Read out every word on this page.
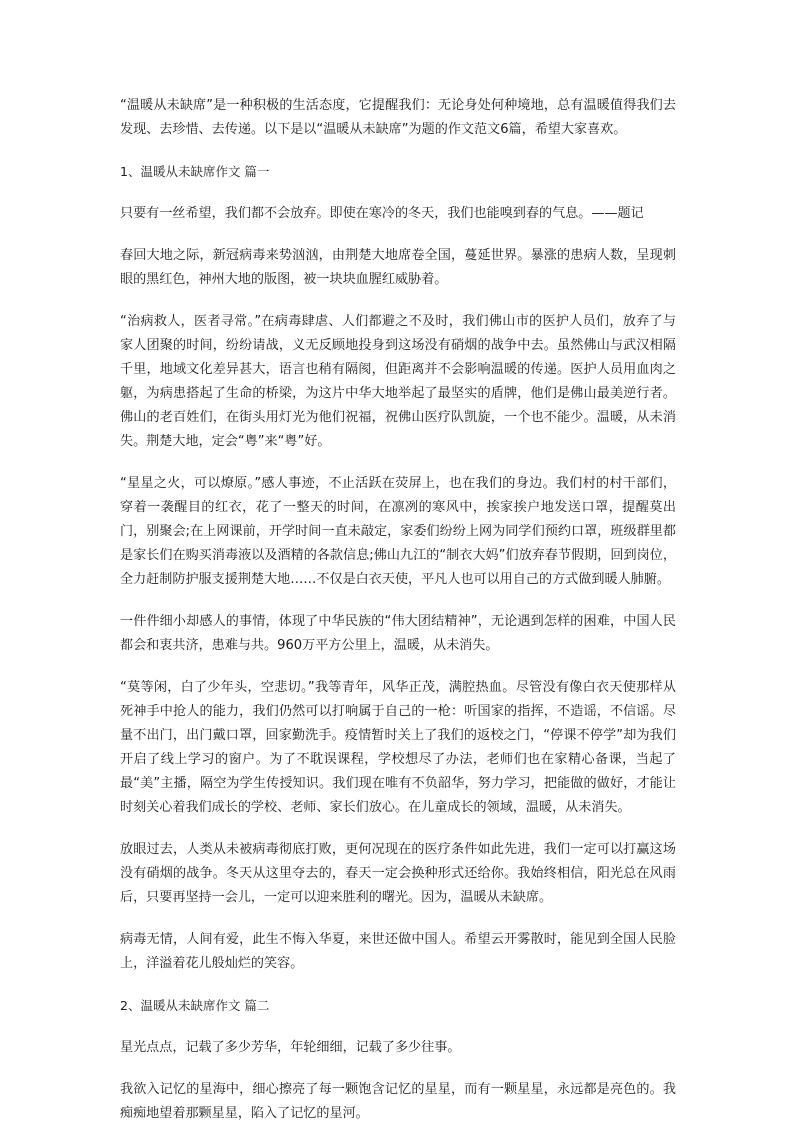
“温暖从未缺席”是一种积极的生活态度，它提醒我们：无论身处何种境地，总有温暖值得我们去发现、去珍惜、去传递。以下是以“温暖从未缺席”为题的作文范文6篇，希望大家喜欢。

1、温暖从未缺席作文 篇一

只要有一丝希望，我们都不会放弃。即使在寒冷的冬天，我们也能嗅到春的气息。——题记

春回大地之际，新冠病毒来势汹汹，由荆楚大地席卷全国，蔓延世界。暴涨的患病人数，呈现刺眼的黑红色，神州大地的版图，被一块块血腥红威胁着。

“治病救人，医者寻常。”在病毒肆虐、人们都避之不及时，我们佛山市的医护人员们，放弃了与家人团聚的时间，纷纷请战，义无反顾地投身到这场没有硝烟的战争中去。虽然佛山与武汉相隔千里，地域文化差异甚大，语言也稍有隔阂，但距离并不会影响温暖的传递。医护人员用血肉之躯，为病患搭起了生命的桥梁，为这片中华大地举起了最坚实的盾牌，他们是佛山最美逆行者。佛山的老百姓们，在街头用灯光为他们祝福，祝佛山医疗队凯旋，一个也不能少。温暖，从未消失。荆楚大地，定会“粤”来“粤”好。

“星星之火，可以燎原。”感人事迹，不止活跃在荧屏上，也在我们的身边。我们村的村干部们，穿着一袭醒目的红衣，花了一整天的时间，在凛冽的寒风中，挨家挨户地发送口罩，提醒莫出门，别聚会;在上网课前，开学时间一直未敲定，家委们纷纷上网为同学们预约口罩，班级群里都是家长们在购买消毒液以及酒精的各款信息;佛山九江的“制衣大妈”们放弃春节假期，回到岗位，全力赶制防护服支援荆楚大地……不仅是白衣天使，平凡人也可以用自己的方式做到暖人肺腑。

一件件细小却感人的事情，体现了中华民族的“伟大团结精神”，无论遇到怎样的困难，中国人民都会和衷共济，患难与共。960万平方公里上，温暖，从未消失。

“莫等闲，白了少年头，空悲切。”我等青年，风华正茂，满腔热血。尽管没有像白衣天使那样从死神手中抢人的能力，我们仍然可以打响属于自己的一枪：听国家的指挥，不造谣，不信谣。尽量不出门，出门戴口罩，回家勤洗手。疫情暂时关上了我们的返校之门，“停课不停学”却为我们开启了线上学习的窗户。为了不耽误课程，学校想尽了办法，老师们也在家精心备课，当起了最“美”主播，隔空为学生传授知识。我们现在唯有不负韶华，努力学习，把能做的做好，才能让时刻关心着我们成长的学校、老师、家长们放心。在儿童成长的领域，温暖，从未消失。

放眼过去，人类从未被病毒彻底打败，更何况现在的医疗条件如此先进，我们一定可以打赢这场没有硝烟的战争。冬天从这里夺去的，春天一定会换种形式还给你。我始终相信，阳光总在风雨后，只要再坚持一会儿，一定可以迎来胜利的曙光。因为，温暖从未缺席。

病毒无情，人间有爱，此生不悔入华夏，来世还做中国人。希望云开雾散时，能见到全国人民脸上，洋溢着花儿般灿烂的笑容。

2、温暖从未缺席作文 篇二

星光点点，记载了多少芳华，年轮细细，记载了多少往事。

我欲入记忆的星海中，细心擦亮了每一颗饱含记忆的星星，而有一颗星星，永远都是亮色的。我痴痴地望着那颗星星，陷入了记忆的星河。
